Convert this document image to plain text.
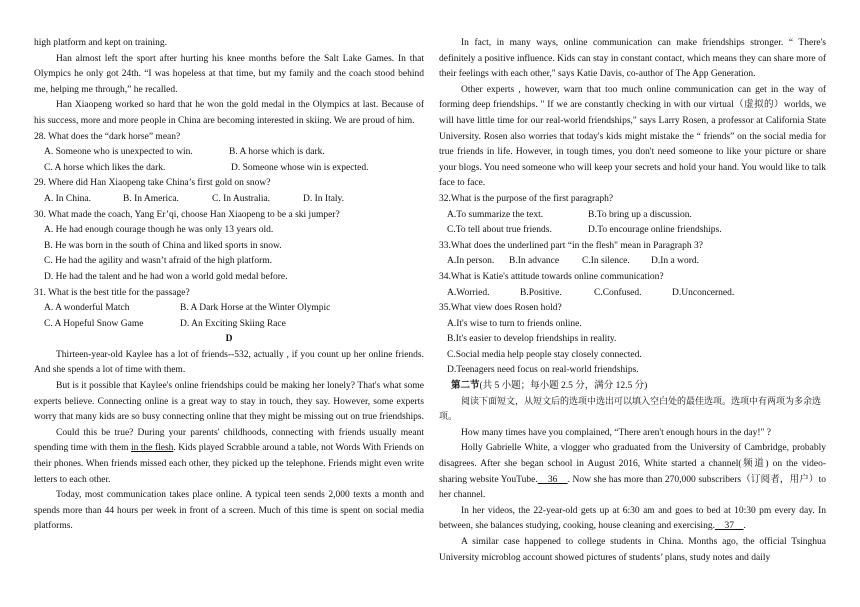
high platform and kept on training.

Han almost left the sport after hurting his knee months before the Salt Lake Games. In that Olympics he only got 24th. “I was hopeless at that time, but my family and the coach stood behind me, helping me through,” he recalled.

Han Xiaopeng worked so hard that he won the gold medal in the Olympics at last. Because of his success, more and more people in China are becoming interested in skiing. We are proud of him.

28. What does the “dark horse” mean?

A. Someone who is unexpected to win.	B. A horse which is dark.
C. A horse which likes the dark.	D. Someone whose win is expected.

29. Where did Han Xiaopeng take China’s first gold on snow?

A. In China.	B. In America.	C. In Australia.	D. In Italy.

30. What made the coach, Yang Er’qi, choose Han Xiaopeng to be a ski jumper?

A. He had enough courage though he was only 13 years old.

B. He was born in the south of China and liked sports in snow.

C. He had the agility and wasn’t afraid of the high platform.

D. He had the talent and he had won a world gold medal before.

31. What is the best title for the passage?

A. A wonderful Match	B. A Dark Horse at the Winter Olympic
C. A Hopeful Snow Game	D. An Exciting Skiing Race

D

Thirteen-year-old Kaylee has a lot of friends--532, actually , if you count up her online friends. And she spends a lot of time with them.

But is it possible that Kaylee's online friendships could be making her lonely? That's what some experts believe. Connecting online is a great way to stay in touch, they say. However, some experts worry that many kids are so busy connecting online that they might be missing out on true friendships.

Could this be true? During your parents' childhoods, connecting with friends usually meant spending time with them in the flesh. Kids played Scrabble around a table, not Words With Friends on their phones. When friends missed each other, they picked up the telephone. Friends might even write letters to each other.

Today, most communication takes place online. A typical teen sends 2,000 texts a month and spends more than 44 hours per week in front of a screen. Much of this time is spent on social media platforms.

In fact, in many ways, online communication can make friendships stronger. “ There's definitely a positive influence. Kids can stay in constant contact, which means they can share more of their feelings with each other," says Katie Davis, co-author of The App Generation.

Other experts , however, warn that too much online communication can get in the way of forming deep friendships. " If we are constantly checking in with our virtual（虚拟的）worlds, we will have little time for our real-world friendships," says Larry Rosen, a professor at California State University. Rosen also worries that today's kids might mistake the “ friends” on the social media for true friends in life. However, in tough times, you don't need someone to like your picture or share your blogs. You need someone who will keep your secrets and hold your hand. You would like to talk face to face.

32.What is the purpose of the first paragraph?

A.To summarize the text.	B.To bring up a discussion.
C.To tell about true friends.	D.To encourage online friendships.

33.What does the underlined part “in the flesh" mean in Paragraph 3?

A.In person.	B.In advance	C.In silence.	D.In a word.

34.What is Katie's attitude towards online communication?

A.Worried.	B.Positive.	C.Confused.	D.Unconcerned.

35.What view does Rosen hold?

A.It's wise to turn to friends online.

B.It's easier to develop friendships in reality.

C.Social media help people stay closely connected.

D.Teenagers need focus on real-world friendships.

第二节(共 5 小题；每小题 2.5 分，满分 12.5 分)

阅读下面短文，从短文后的选项中选出可以填入空白处的最佳选项。选项中有两项为多余选项。

How many times have you complained, “There aren't enough hours in the day!" ?

Holly Gabrielle White, a vlogger who graduated from the University of Cambridge, probably disagrees. After she began school in August 2016, White started a channel(频道) on the video-sharing website YouTube.    36    . Now she has more than 270,000 subscribers（订阅者，用户）to her channel.

In her videos, the 22-year-old gets up at 6:30 am and goes to bed at 10:30 pm every day. In between, she balances studying, cooking, house cleaning and exercising.    37    .

A similar case happened to college students in China. Months ago, the official Tsinghua University microblog account showed pictures of students’ plans, study notes and daily
